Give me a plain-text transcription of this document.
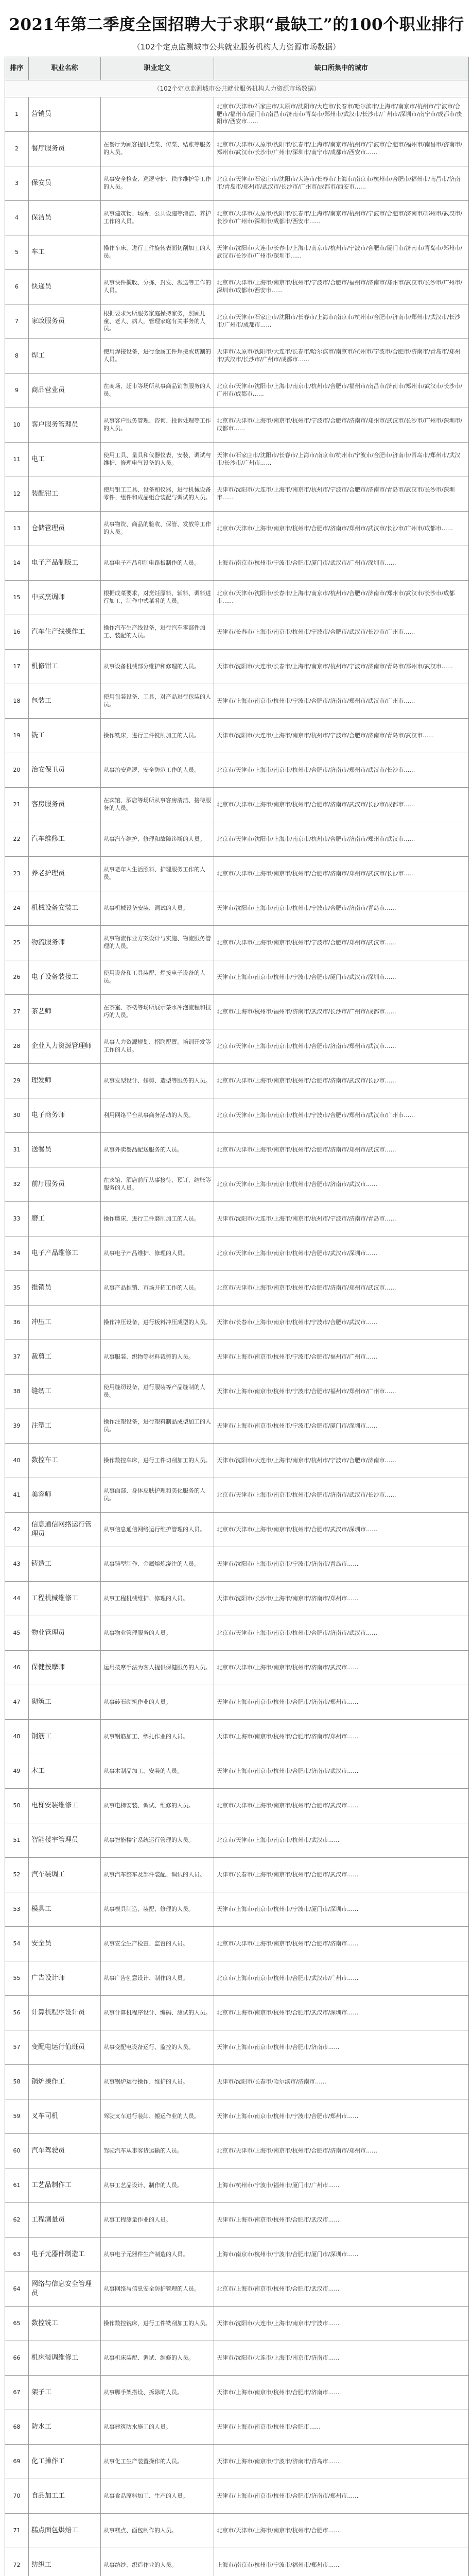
2021年第二季度全国招聘大于求职“最缺工”的100个职业排行
（102个定点监测城市公共就业服务机构人力资源市场数据）
排序	职业名称	职业定义	缺口所集中的城市
（102个定点监测城市公共就业服务机构人力资源市场数据）			
1	营销员		北京市/天津市/石家庄市/太原市/沈阳市/大连市/长春市/哈尔滨市/上海市/南京市/杭州市/宁波市/合肥市/福州市/厦门市/南昌市/济南市/青岛市/郑州市/武汉市/长沙市/广州市/深圳市/南宁市/成都市/贵阳市/西安市……
2	餐厅服务员	在餐厅为顾客提供点菜、传菜、结账等服务的人员。	北京市/天津市/太原市/沈阳市/长春市/上海市/南京市/杭州市/宁波市/合肥市/福州市/南昌市/济南市/郑州市/武汉市/长沙市/广州市/深圳市/南宁市/成都市/西安市……
3	保安员	从事安全检查、巡逻守护、秩序维护等工作的人员。	北京市/天津市/石家庄市/沈阳市/大连市/长春市/上海市/南京市/杭州市/合肥市/福州市/南昌市/济南市/青岛市/郑州市/武汉市/长沙市/广州市/成都市/西安市……
4	保洁员	从事建筑物、场所、公共设施等清洁、养护工作的人员。	北京市/天津市/太原市/沈阳市/长春市/上海市/南京市/杭州市/宁波市/合肥市/济南市/郑州市/武汉市/长沙市/广州市/深圳市/成都市/西安市……
5	车工	操作车床，进行工件旋转表面切削加工的人员。	天津市/沈阳市/大连市/长春市/上海市/南京市/杭州市/宁波市/合肥市/厦门市/济南市/青岛市/郑州市/武汉市/长沙市/广州市/深圳市……
6	快递员	从事快件揽收、分拣、封发、派送等工作的人员。	北京市/天津市/上海市/南京市/杭州市/宁波市/合肥市/福州市/济南市/郑州市/武汉市/长沙市/广州市/深圳市/成都市/西安市……
7	家政服务员	根据要求为所服务家庭操持家务，照顾儿童、老人、病人，管理家庭有关事务的人员。	北京市/天津市/石家庄市/沈阳市/长春市/上海市/南京市/杭州市/合肥市/济南市/郑州市/武汉市/长沙市/广州市/成都市……
8	焊工	使用焊接设备，进行金属工件焊接或切割的人员。	天津市/太原市/沈阳市/大连市/长春市/哈尔滨市/南京市/杭州市/宁波市/合肥市/济南市/青岛市/郑州市/武汉市/长沙市/广州市/成都市……
9	商品营业员	在商场、超市等场所从事商品销售服务的人员。	北京市/天津市/沈阳市/上海市/南京市/杭州市/合肥市/福州市/南昌市/济南市/郑州市/武汉市/长沙市/广州市/成都市……
10	客户服务管理员	从事客户服务管理、咨询、投诉处理等工作的人员。	北京市/天津市/上海市/南京市/杭州市/宁波市/合肥市/济南市/郑州市/武汉市/长沙市/广州市/深圳市/成都市……
11	电工	使用工具、量具和仪器仪表，安装、调试与维护、修理电气设备的人员。	天津市/石家庄市/沈阳市/长春市/上海市/南京市/杭州市/宁波市/合肥市/济南市/青岛市/郑州市/武汉市/长沙市/广州市……
12	装配钳工	使用钳工工具、设备和仪器，进行机械设备零件、组件和成品组合装配与调试的人员。	天津市/沈阳市/大连市/上海市/南京市/杭州市/宁波市/合肥市/济南市/青岛市/武汉市/长沙市/深圳市……
13	仓储管理员	从事物资、商品的验收、保管、发放等工作的人员。	北京市/天津市/上海市/南京市/杭州市/合肥市/济南市/郑州市/武汉市/长沙市/广州市/成都市……
14	电子产品制版工	从事电子产品印制电路板制作的人员。	上海市/南京市/杭州市/宁波市/合肥市/厦门市/武汉市/广州市/深圳市……
15	中式烹调师	根据成菜要求，对烹饪原料、辅料、调料进行加工，制作中式菜肴的人员。	北京市/天津市/沈阳市/长春市/上海市/南京市/杭州市/合肥市/济南市/郑州市/武汉市/长沙市/成都市……
16	汽车生产线操作工	操作汽车生产线设备，进行汽车零部件加工、装配的人员。	天津市/长春市/上海市/南京市/杭州市/宁波市/合肥市/武汉市/长沙市/广州市……
17	机修钳工	从事设备机械部分维护和修理的人员。	天津市/沈阳市/大连市/长春市/上海市/南京市/杭州市/宁波市/济南市/青岛市/郑州市/武汉市……
18	包装工	使用包装设备、工具，对产品进行包装的人员。	天津市/上海市/南京市/杭州市/宁波市/合肥市/济南市/郑州市/武汉市/广州市……
19	铣工	操作铣床，进行工件铣削加工的人员。	天津市/沈阳市/大连市/上海市/南京市/杭州市/宁波市/合肥市/济南市/青岛市/武汉市……
20	治安保卫员	从事治安巡逻、安全防范工作的人员。	北京市/天津市/上海市/南京市/杭州市/合肥市/济南市/郑州市/武汉市/长沙市……
21	客房服务员	在宾馆、酒店等场所从事客房清洁、接待服务的人员。	北京市/天津市/上海市/南京市/杭州市/合肥市/济南市/武汉市/长沙市/成都市……
22	汽车维修工	从事汽车维护、修理和故障诊断的人员。	北京市/天津市/沈阳市/上海市/南京市/杭州市/合肥市/济南市/郑州市/武汉市……
23	养老护理员	从事老年人生活照料、护理服务工作的人员。	北京市/天津市/上海市/南京市/杭州市/合肥市/济南市/郑州市/武汉市/长沙市……
24	机械设备安装工	从事机械设备安装、调试的人员。	天津市/沈阳市/上海市/南京市/杭州市/宁波市/合肥市/济南市/青岛市……
25	物流服务师	从事物流作业方案设计与实施、物流服务管理的人员。	北京市/天津市/上海市/南京市/杭州市/宁波市/合肥市/郑州市/武汉市……
26	电子设备装接工	使用设备和工具装配、焊接电子设备的人员。	天津市/上海市/南京市/杭州市/宁波市/合肥市/厦门市/武汉市/深圳市……
27	茶艺师	在茶室、茶楼等场所展示茶水冲泡流程和技巧的人员。	北京市/上海市/杭州市/福州市/济南市/武汉市/长沙市/广州市/成都市……
28	企业人力资源管理师	从事人力资源规划、招聘配置、培训开发等工作的人员。	北京市/天津市/上海市/南京市/杭州市/合肥市/济南市/郑州市/武汉市……
29	理发师	从事发型设计、修剪、造型等服务的人员。	北京市/天津市/上海市/南京市/杭州市/合肥市/济南市/武汉市/长沙市……
30	电子商务师	利用网络平台从事商务活动的人员。	北京市/天津市/上海市/南京市/杭州市/宁波市/合肥市/郑州市/武汉市/广州市……
31	送餐员	从事外卖餐品配送服务的人员。	北京市/天津市/上海市/南京市/杭州市/合肥市/济南市/郑州市/武汉市……
32	前厅服务员	在宾馆、酒店前厅从事接待、预订、结账等服务的人员。	北京市/天津市/上海市/南京市/杭州市/合肥市/济南市/武汉市……
33	磨工	操作磨床，进行工件磨削加工的人员。	天津市/沈阳市/大连市/上海市/南京市/杭州市/宁波市/济南市/青岛市……
34	电子产品维修工	从事电子产品维护、修理的人员。	北京市/天津市/上海市/南京市/杭州市/合肥市/武汉市/深圳市……
35	推销员	从事产品推销、市场开拓工作的人员。	北京市/天津市/上海市/南京市/杭州市/合肥市/济南市/郑州市/武汉市……
36	冲压工	操作冲压设备，进行板料冲压成型的人员。	天津市/长春市/上海市/南京市/杭州市/宁波市/合肥市/武汉市……
37	裁剪工	从事服装、织物等材料裁剪的人员。	天津市/上海市/南京市/杭州市/宁波市/合肥市/福州市/广州市……
38	缝纫工	使用缝纫设备，进行服装等产品缝制的人员。	天津市/上海市/南京市/杭州市/宁波市/合肥市/福州市/郑州市/广州市……
39	注塑工	操作注塑设备，进行塑料制品成型加工的人员。	天津市/上海市/南京市/杭州市/宁波市/合肥市/厦门市/深圳市……
40	数控车工	操作数控车床，进行工件切削加工的人员。	天津市/沈阳市/大连市/上海市/南京市/杭州市/宁波市/合肥市/济南市……
41	美容师	从事面部、身体皮肤护理和美化服务的人员。	北京市/天津市/上海市/南京市/杭州市/合肥市/济南市/武汉市/长沙市……
42	信息通信网络运行管理员	从事信息通信网络运行维护管理的人员。	北京市/天津市/上海市/南京市/杭州市/合肥市/武汉市/深圳市……
43	铸造工	从事铸型制作、金属熔炼浇注的人员。	天津市/沈阳市/上海市/南京市/宁波市/济南市/青岛市……
44	工程机械维修工	从事工程机械维护、修理的人员。	天津市/沈阳市/长沙市/上海市/南京市/济南市/郑州市……
45	物业管理员	从事物业管理服务的人员。	北京市/天津市/上海市/南京市/杭州市/合肥市/济南市/武汉市……
46	保健按摩师	运用按摩手法为客人提供保健服务的人员。	北京市/天津市/上海市/南京市/杭州市/济南市/武汉市……
47	砌筑工	从事砖石砌筑作业的人员。	天津市/上海市/南京市/杭州市/合肥市/济南市/郑州市……
48	钢筋工	从事钢筋加工、绑扎作业的人员。	天津市/上海市/南京市/杭州市/合肥市/济南市/郑州市……
49	木工	从事木制品加工、安装的人员。	天津市/上海市/南京市/杭州市/合肥市/济南市/武汉市……
50	电梯安装维修工	从事电梯安装、调试、维修的人员。	北京市/天津市/上海市/南京市/杭州市/合肥市/武汉市……
51	智能楼宇管理员	从事智能楼宇系统运行管理的人员。	北京市/天津市/上海市/南京市/杭州市/武汉市……
52	汽车装调工	从事汽车整车及部件装配、调试的人员。	天津市/长春市/上海市/南京市/杭州市/合肥市/武汉市……
53	模具工	从事模具制造、装配、修理的人员。	天津市/上海市/南京市/杭州市/宁波市/厦门市/深圳市……
54	安全员	从事安全生产检查、监督的人员。	北京市/天津市/上海市/南京市/杭州市/合肥市/济南市……
55	广告设计师	从事广告创意设计、制作的人员。	北京市/上海市/南京市/杭州市/合肥市/武汉市/广州市……
56	计算机程序设计员	从事计算机程序设计、编码、测试的人员。	北京市/上海市/南京市/杭州市/合肥市/武汉市/深圳市……
57	变配电运行值班员	从事变配电设备运行、监控的人员。	天津市/上海市/南京市/杭州市/合肥市/济南市……
58	锅炉操作工	从事锅炉运行操作、维护的人员。	天津市/沈阳市/长春市/哈尔滨市/济南市……
59	叉车司机	驾驶叉车进行装卸、搬运作业的人员。	天津市/上海市/南京市/杭州市/宁波市/合肥市/郑州市……
60	汽车驾驶员	驾驶汽车从事客货运输的人员。	北京市/天津市/上海市/南京市/杭州市/合肥市/济南市/郑州市……
61	工艺品制作工	从事工艺品设计、制作的人员。	上海市/杭州市/宁波市/福州市/厦门市/广州市……
62	工程测量员	从事工程测量作业的人员。	天津市/上海市/南京市/杭州市/合肥市/武汉市……
63	电子元器件制造工	从事电子元器件生产制造的人员。	上海市/南京市/杭州市/宁波市/合肥市/厦门市/深圳市……
64	网络与信息安全管理员	从事网络与信息安全防护管理的人员。	北京市/上海市/南京市/杭州市/合肥市/武汉市……
65	数控铣工	操作数控铣床，进行工件铣削加工的人员。	天津市/沈阳市/大连市/上海市/南京市/宁波市……
66	机床装调维修工	从事机床装配、调试、维修的人员。	天津市/沈阳市/大连市/上海市/南京市/济南市……
67	架子工	从事脚手架搭设、拆除的人员。	天津市/上海市/南京市/杭州市/合肥市/济南市……
68	防水工	从事建筑防水施工的人员。	天津市/上海市/南京市/杭州市/合肥市……
69	化工操作工	从事化工生产装置操作的人员。	天津市/上海市/南京市/宁波市/济南市/青岛市……
70	食品加工工	从事食品原料加工、生产的人员。	天津市/上海市/南京市/杭州市/合肥市/济南市/郑州市……
71	糕点面包烘焙工	从事糕点、面包制作的人员。	北京市/天津市/上海市/南京市/杭州市/合肥市……
72	纺织工	从事纺纱、织造作业的人员。	上海市/南京市/杭州市/宁波市/福州市/郑州市……
